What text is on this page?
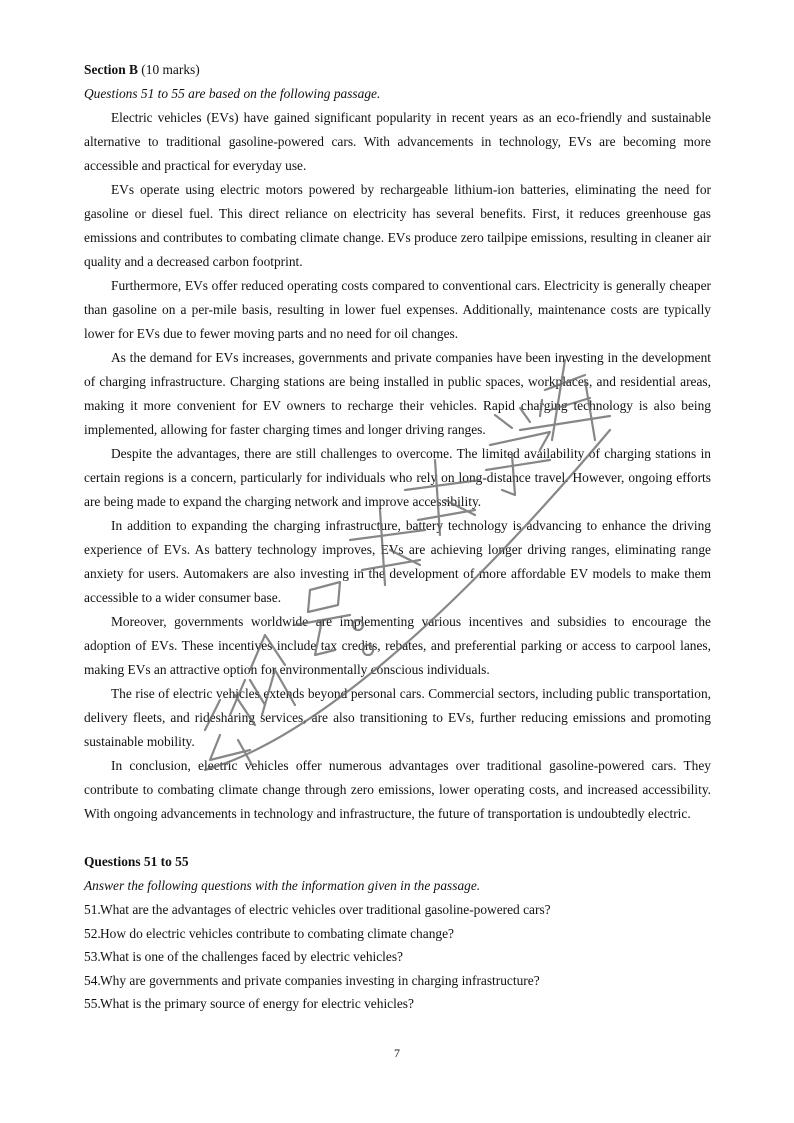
Section B (10 marks)

Questions 51 to 55 are based on the following passage.

Electric vehicles (EVs) have gained significant popularity in recent years as an eco-friendly and sustainable alternative to traditional gasoline-powered cars. With advancements in technology, EVs are becoming more accessible and practical for everyday use.

EVs operate using electric motors powered by rechargeable lithium-ion batteries, eliminating the need for gasoline or diesel fuel. This direct reliance on electricity has several benefits. First, it reduces greenhouse gas emissions and contributes to combating climate change. EVs produce zero tailpipe emissions, resulting in cleaner air quality and a decreased carbon footprint.

Furthermore, EVs offer reduced operating costs compared to conventional cars. Electricity is generally cheaper than gasoline on a per-mile basis, resulting in lower fuel expenses. Additionally, maintenance costs are typically lower for EVs due to fewer moving parts and no need for oil changes.

As the demand for EVs increases, governments and private companies have been investing in the development of charging infrastructure. Charging stations are being installed in public spaces, workplaces, and residential areas, making it more convenient for EV owners to recharge their vehicles. Rapid charging technology is also being implemented, allowing for faster charging times and longer driving ranges.

Despite the advantages, there are still challenges to overcome. The limited availability of charging stations in certain regions is a concern, particularly for individuals who rely on long-distance travel. However, ongoing efforts are being made to expand the charging network and improve accessibility.

In addition to expanding the charging infrastructure, battery technology is advancing to enhance the driving experience of EVs. As battery technology improves, EVs are achieving longer driving ranges, eliminating range anxiety for users. Automakers are also investing in the development of more affordable EV models to make them accessible to a wider consumer base.

Moreover, governments worldwide are implementing various incentives and subsidies to encourage the adoption of EVs. These incentives include tax credits, rebates, and preferential parking or access to carpool lanes, making EVs an attractive option for environmentally conscious individuals.

The rise of electric vehicles extends beyond personal cars. Commercial sectors, including public transportation, delivery fleets, and ridesharing services, are also transitioning to EVs, further reducing emissions and promoting sustainable mobility.

In conclusion, electric vehicles offer numerous advantages over traditional gasoline-powered cars. They contribute to combating climate change through zero emissions, lower operating costs, and increased accessibility. With ongoing advancements in technology and infrastructure, the future of transportation is undoubtedly electric.

Questions 51 to 55

Answer the following questions with the information given in the passage.

51. What are the advantages of electric vehicles over traditional gasoline-powered cars?
52. How do electric vehicles contribute to combating climate change?
53. What is one of the challenges faced by electric vehicles?
54. Why are governments and private companies investing in charging infrastructure?
55. What is the primary source of energy for electric vehicles?
7
